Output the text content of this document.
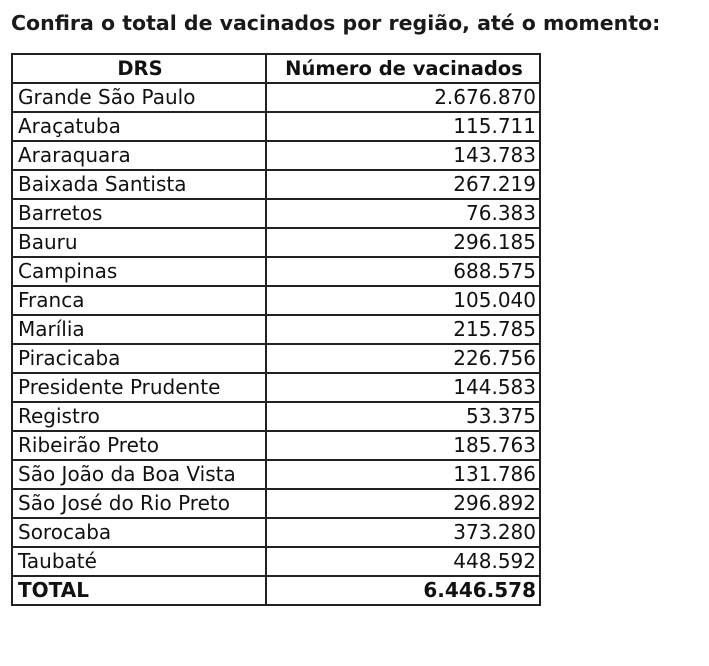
Confira o total de vacinados por região, até o momento:
DRS	Número de vacinados
Grande São Paulo	2.676.870
Araçatuba	115.711
Araraquara	143.783
Baixada Santista	267.219
Barretos	76.383
Bauru	296.185
Campinas	688.575
Franca	105.040
Marília	215.785
Piracicaba	226.756
Presidente Prudente	144.583
Registro	53.375
Ribeirão Preto	185.763
São João da Boa Vista	131.786
São José do Rio Preto	296.892
Sorocaba	373.280
Taubaté	448.592
TOTAL	6.446.578
